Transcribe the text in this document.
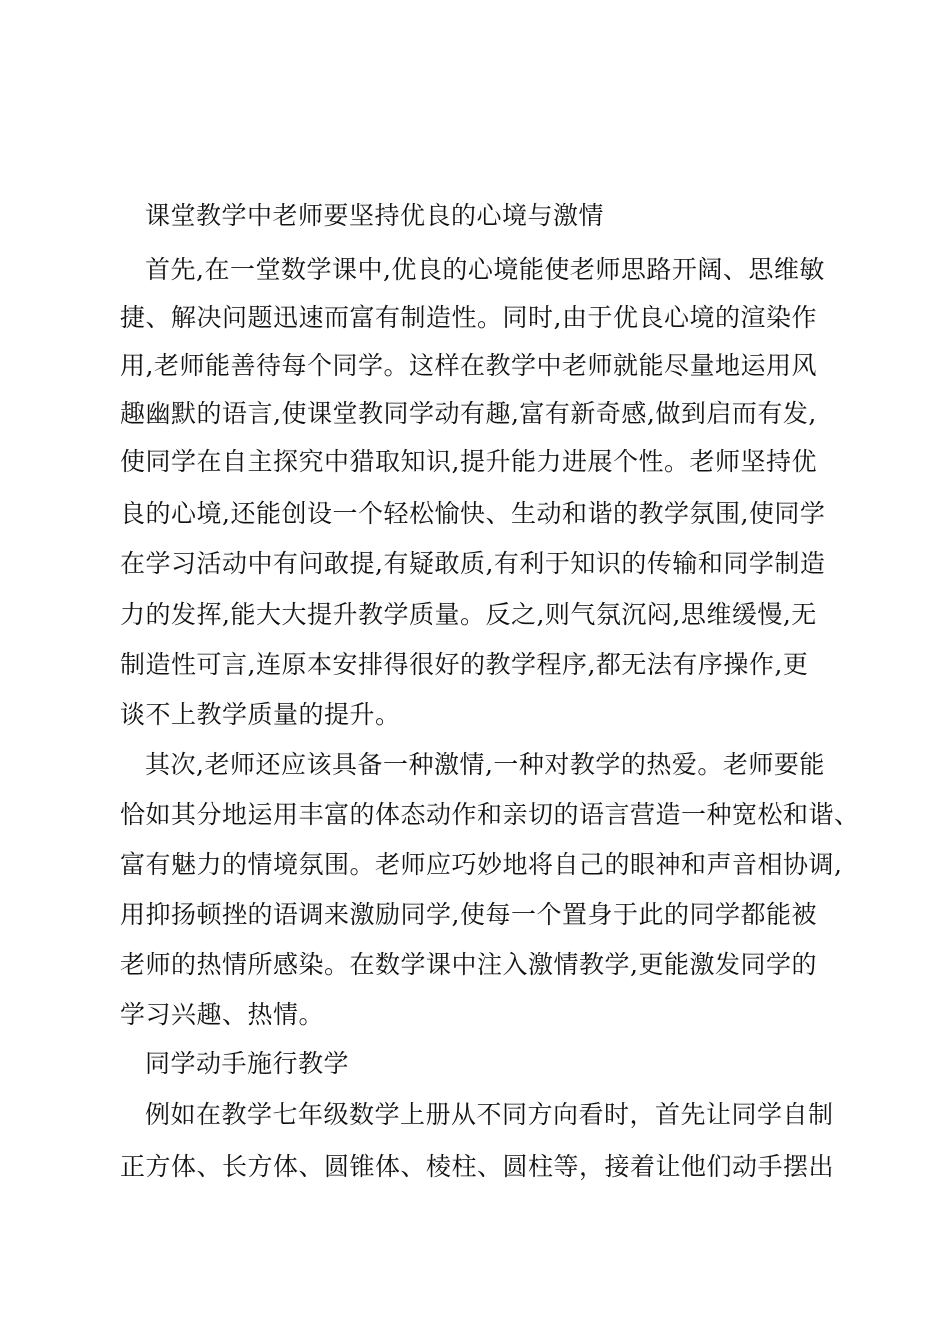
课堂教学中老师要坚持优良的心境与激情
首先,在一堂数学课中,优良的心境能使老师思路开阔、思维敏
捷、解决问题迅速而富有制造性。同时,由于优良心境的渲染作
用,老师能善待每个同学。这样在教学中老师就能尽量地运用风
趣幽默的语言,使课堂教同学动有趣,富有新奇感,做到启而有发,
使同学在自主探究中猎取知识,提升能力进展个性。老师坚持优
良的心境,还能创设一个轻松愉快、生动和谐的教学氛围,使同学
在学习活动中有问敢提,有疑敢质,有利于知识的传输和同学制造
力的发挥,能大大提升教学质量。反之,则气氛沉闷,思维缓慢,无
制造性可言,连原本安排得很好的教学程序,都无法有序操作,更
谈不上教学质量的提升。
其次,老师还应该具备一种激情,一种对教学的热爱。老师要能
恰如其分地运用丰富的体态动作和亲切的语言营造一种宽松和谐、
富有魅力的情境氛围。老师应巧妙地将自己的眼神和声音相协调,
用抑扬顿挫的语调来激励同学,使每一个置身于此的同学都能被
老师的热情所感染。在数学课中注入激情教学,更能激发同学的
学习兴趣、热情。
同学动手施行教学
例如在教学七年级数学上册从不同方向看时，首先让同学自制
正方体、长方体、圆锥体、棱柱、圆柱等，接着让他们动手摆出
